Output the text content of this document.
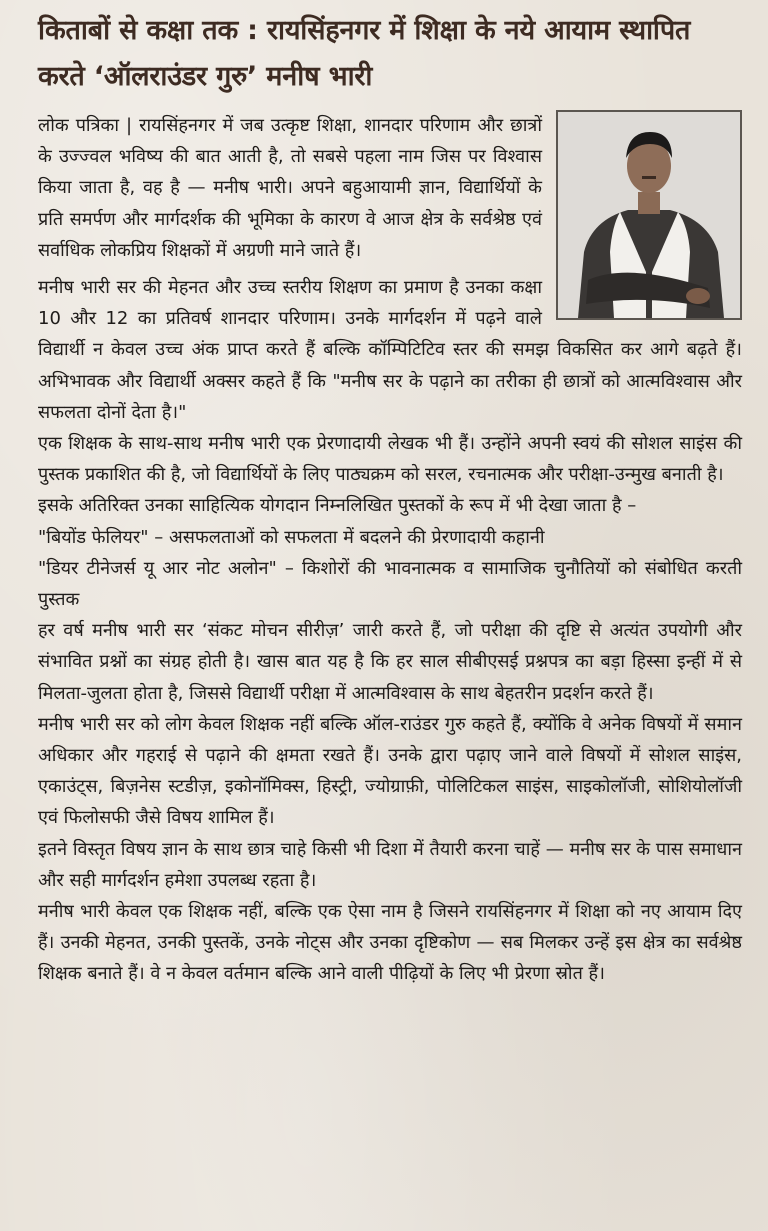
किताबों से कक्षा तक : रायसिंहनगर में शिक्षा के नये आयाम स्थापित करते ‘ऑलराउंडर गुरु’ मनीष भारी

लोक पत्रिका | रायसिंहनगर में जब उत्कृष्ट शिक्षा, शानदार परिणाम और छात्रों के उज्ज्वल भविष्य की बात आती है, तो सबसे पहला नाम जिस पर विश्वास किया जाता है, वह है — मनीष भारी। अपने बहुआयामी ज्ञान, विद्यार्थियों के प्रति समर्पण और मार्गदर्शक की भूमिका के कारण वे आज क्षेत्र के सर्वश्रेष्ठ एवं सर्वाधिक लोकप्रिय शिक्षकों में अग्रणी माने जाते हैं।

मनीष भारी सर की मेहनत और उच्च स्तरीय शिक्षण का प्रमाण है उनका कक्षा 10 और 12 का प्रतिवर्ष शानदार परिणाम। उनके मार्गदर्शन में पढ़ने वाले विद्यार्थी न केवल उच्च अंक प्राप्त करते हैं बल्कि कॉम्पिटिटिव स्तर की समझ विकसित कर आगे बढ़ते हैं। अभिभावक और विद्यार्थी अक्सर कहते हैं कि "मनीष सर के पढ़ाने का तरीका ही छात्रों को आत्मविश्वास और सफलता दोनों देता है।"

एक शिक्षक के साथ-साथ मनीष भारी एक प्रेरणादायी लेखक भी हैं। उन्होंने अपनी स्वयं की सोशल साइंस की पुस्तक प्रकाशित की है, जो विद्यार्थियों के लिए पाठ्यक्रम को सरल, रचनात्मक और परीक्षा-उन्मुख बनाती है।

इसके अतिरिक्त उनका साहित्यिक योगदान निम्नलिखित पुस्तकों के रूप में भी देखा जाता है –

"बियोंड फेलियर" – असफलताओं को सफलता में बदलने की प्रेरणादायी कहानी

"डियर टीनेजर्स यू आर नोट अलोन" – किशोरों की भावनात्मक व सामाजिक चुनौतियों को संबोधित करती पुस्तक

हर वर्ष मनीष भारी सर ‘संकट मोचन सीरीज़’ जारी करते हैं, जो परीक्षा की दृष्टि से अत्यंत उपयोगी और संभावित प्रश्नों का संग्रह होती है। खास बात यह है कि हर साल सीबीएसई प्रश्नपत्र का बड़ा हिस्सा इन्हीं में से मिलता-जुलता होता है, जिससे विद्यार्थी परीक्षा में आत्मविश्वास के साथ बेहतरीन प्रदर्शन करते हैं।

मनीष भारी सर को लोग केवल शिक्षक नहीं बल्कि ऑल-राउंडर गुरु कहते हैं, क्योंकि वे अनेक विषयों में समान अधिकार और गहराई से पढ़ाने की क्षमता रखते हैं। उनके द्वारा पढ़ाए जाने वाले विषयों में सोशल साइंस, एकाउंट्स, बिज़नेस स्टडीज़, इकोनॉमिक्स, हिस्ट्री, ज्योग्राफ़ी, पोलिटिकल साइंस, साइकोलॉजी, सोशियोलॉजी एवं फिलोसफी जैसे विषय शामिल हैं।

इतने विस्तृत विषय ज्ञान के साथ छात्र चाहे किसी भी दिशा में तैयारी करना चाहें — मनीष सर के पास समाधान और सही मार्गदर्शन हमेशा उपलब्ध रहता है।

मनीष भारी केवल एक शिक्षक नहीं, बल्कि एक ऐसा नाम है जिसने रायसिंहनगर में शिक्षा को नए आयाम दिए हैं। उनकी मेहनत, उनकी पुस्तकें, उनके नोट्स और उनका दृष्टिकोण — सब मिलकर उन्हें इस क्षेत्र का सर्वश्रेष्ठ शिक्षक बनाते हैं। वे न केवल वर्तमान बल्कि आने वाली पीढ़ियों के लिए भी प्रेरणा स्रोत हैं।
